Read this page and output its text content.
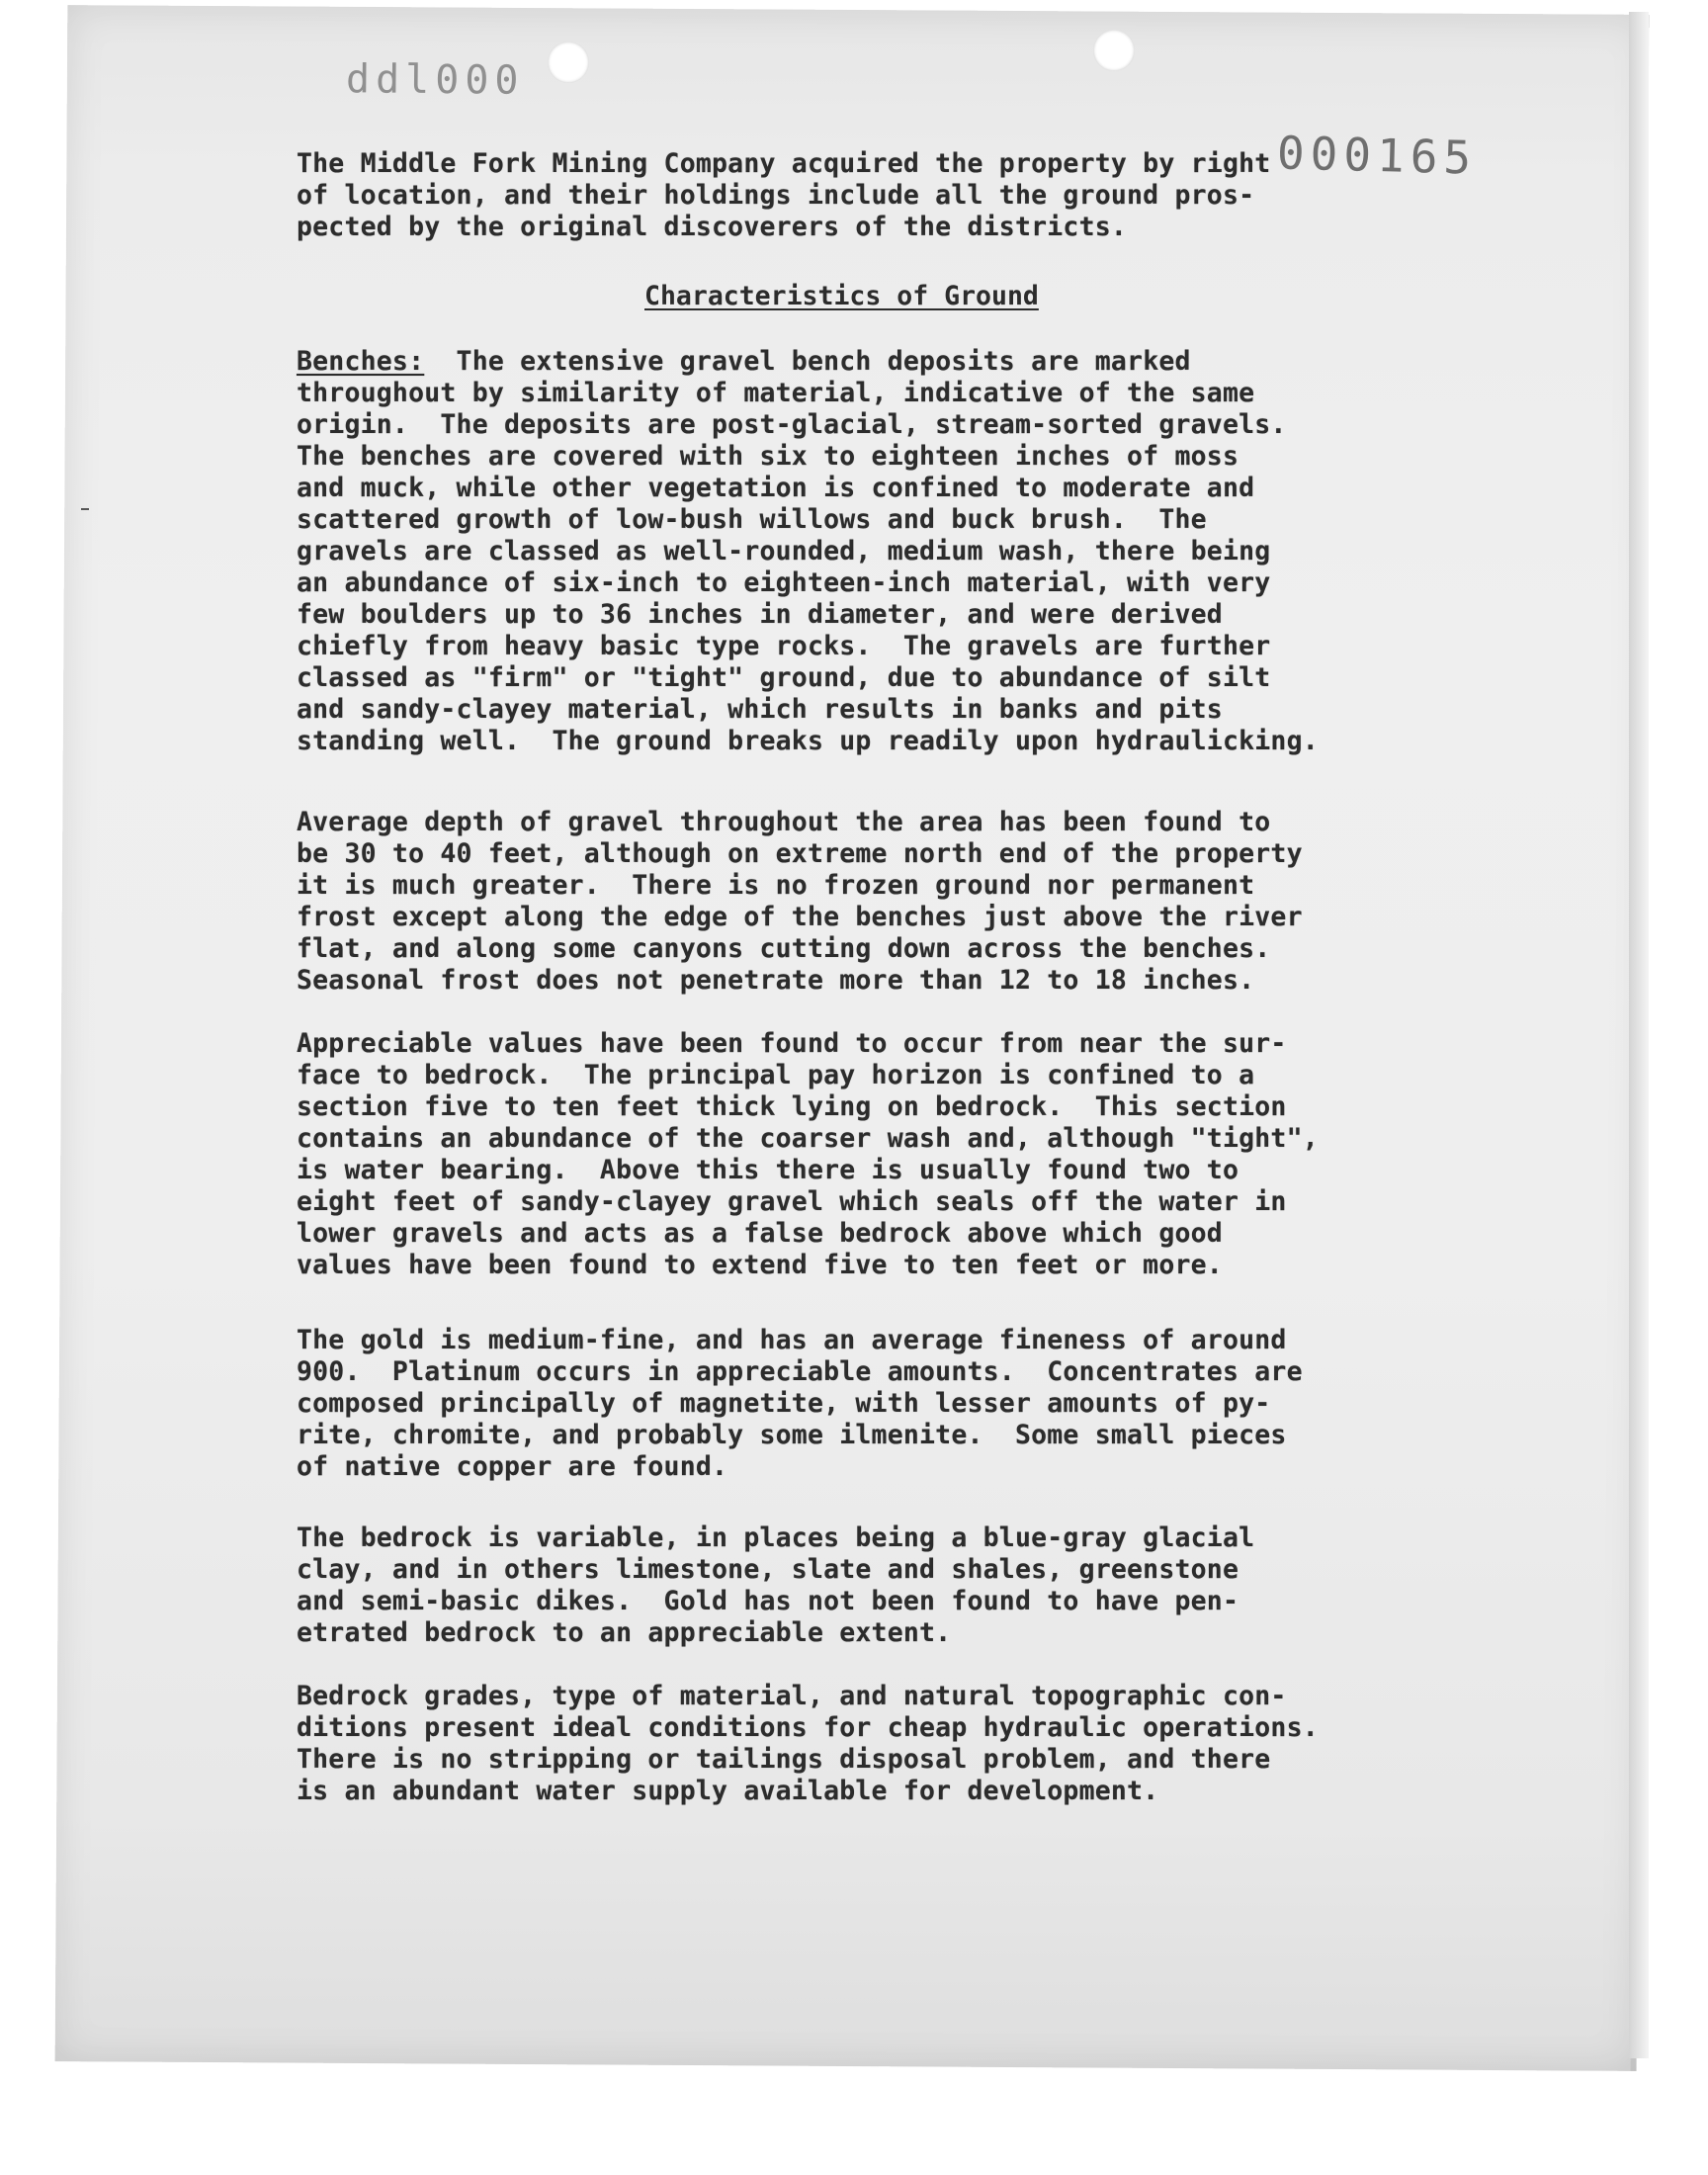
ddl000
000165
The Middle Fork Mining Company acquired the property by right
of location, and their holdings include all the ground pros-
pected by the original discoverers of the districts.
Characteristics of Ground
Benches:  The extensive gravel bench deposits are marked
throughout by similarity of material, indicative of the same
origin.  The deposits are post-glacial, stream-sorted gravels.
The benches are covered with six to eighteen inches of moss
and muck, while other vegetation is confined to moderate and
scattered growth of low-bush willows and buck brush.  The
gravels are classed as well-rounded, medium wash, there being
an abundance of six-inch to eighteen-inch material, with very
few boulders up to 36 inches in diameter, and were derived
chiefly from heavy basic type rocks.  The gravels are further
classed as "firm" or "tight" ground, due to abundance of silt
and sandy-clayey material, which results in banks and pits
standing well.  The ground breaks up readily upon hydraulicking.
Average depth of gravel throughout the area has been found to
be 30 to 40 feet, although on extreme north end of the property
it is much greater.  There is no frozen ground nor permanent
frost except along the edge of the benches just above the river
flat, and along some canyons cutting down across the benches.
Seasonal frost does not penetrate more than 12 to 18 inches.
Appreciable values have been found to occur from near the sur-
face to bedrock.  The principal pay horizon is confined to a
section five to ten feet thick lying on bedrock.  This section
contains an abundance of the coarser wash and, although "tight",
is water bearing.  Above this there is usually found two to
eight feet of sandy-clayey gravel which seals off the water in
lower gravels and acts as a false bedrock above which good
values have been found to extend five to ten feet or more.
The gold is medium-fine, and has an average fineness of around
900.  Platinum occurs in appreciable amounts.  Concentrates are
composed principally of magnetite, with lesser amounts of py-
rite, chromite, and probably some ilmenite.  Some small pieces
of native copper are found.
The bedrock is variable, in places being a blue-gray glacial
clay, and in others limestone, slate and shales, greenstone
and semi-basic dikes.  Gold has not been found to have pen-
etrated bedrock to an appreciable extent.
Bedrock grades, type of material, and natural topographic con-
ditions present ideal conditions for cheap hydraulic operations.
There is no stripping or tailings disposal problem, and there
is an abundant water supply available for development.
